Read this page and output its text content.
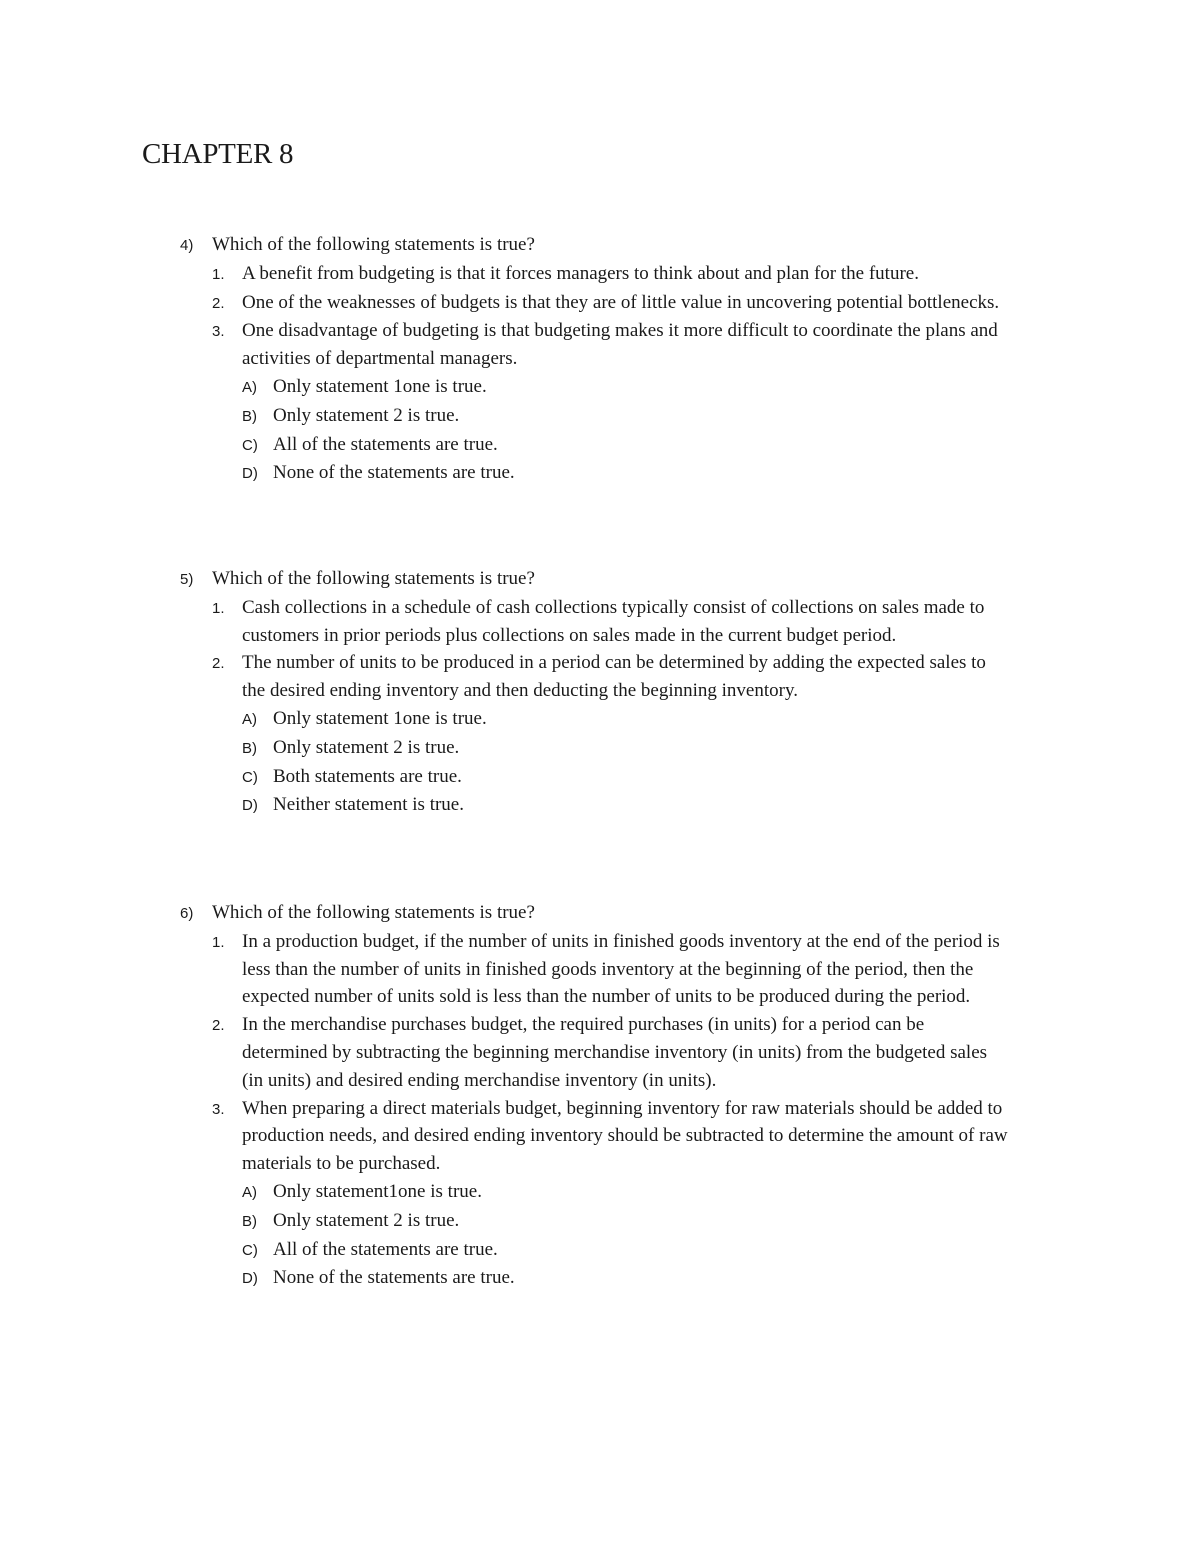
CHAPTER 8
4) Which of the following statements is true?
1. A benefit from budgeting is that it forces managers to think about and plan for the future.
2. One of the weaknesses of budgets is that they are of little value in uncovering potential bottlenecks.
3. One disadvantage of budgeting is that budgeting makes it more difficult to coordinate the plans and activities of departmental managers.
A) Only statement 1one is true.
B) Only statement 2 is true.
C) All of the statements are true.
D) None of the statements are true.
5) Which of the following statements is true?
1. Cash collections in a schedule of cash collections typically consist of collections on sales made to customers in prior periods plus collections on sales made in the current budget period.
2. The number of units to be produced in a period can be determined by adding the expected sales to the desired ending inventory and then deducting the beginning inventory.
A) Only statement 1one is true.
B) Only statement 2 is true.
C) Both statements are true.
D) Neither statement is true.
6) Which of the following statements is true?
1. In a production budget, if the number of units in finished goods inventory at the end of the period is less than the number of units in finished goods inventory at the beginning of the period, then the expected number of units sold is less than the number of units to be produced during the period.
2. In the merchandise purchases budget, the required purchases (in units) for a period can be determined by subtracting the beginning merchandise inventory (in units) from the budgeted sales (in units) and desired ending merchandise inventory (in units).
3. When preparing a direct materials budget, beginning inventory for raw materials should be added to production needs, and desired ending inventory should be subtracted to determine the amount of raw materials to be purchased.
A) Only statement1one is true.
B) Only statement 2 is true.
C) All of the statements are true.
D) None of the statements are true.
